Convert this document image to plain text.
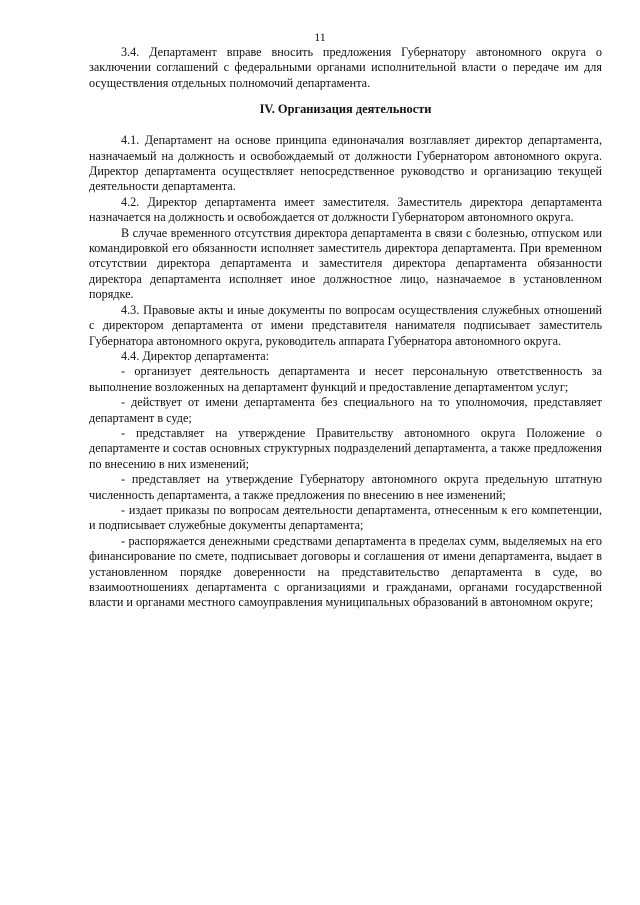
11

3.4. Департамент вправе вносить предложения Губернатору автономного округа о заключении соглашений с федеральными органами исполнительной власти о передаче им для осуществления отдельных полномочий департамента.

IV. Организация деятельности

4.1. Департамент на основе принципа единоначалия возглавляет директор департамента, назначаемый на должность и освобождаемый от должности Губернатором автономного округа. Директор департамента осуществляет непосредственное руководство и организацию текущей деятельности департамента.

4.2. Директор департамента имеет заместителя. Заместитель директора департамента назначается на должность и освобождается от должности Губернатором автономного округа.

В случае временного отсутствия директора департамента в связи с болезнью, отпуском или командировкой его обязанности исполняет заместитель директора департамента. При временном отсутствии директора департамента и заместителя директора департамента обязанности директора департамента исполняет иное должностное лицо, назначаемое в установленном порядке.

4.3. Правовые акты и иные документы по вопросам осуществления служебных отношений с директором департамента от имени представителя нанимателя подписывает заместитель Губернатора автономного округа, руководитель аппарата Губернатора автономного округа.

4.4. Директор департамента:

- организует деятельность департамента и несет персональную ответственность за выполнение возложенных на департамент функций и предоставление департаментом услуг;

- действует от имени департамента без специального на то уполномочия, представляет департамент в суде;

- представляет на утверждение Правительству автономного округа Положение о департаменте и состав основных структурных подразделений департамента, а также предложения по внесению в них изменений;

- представляет на утверждение Губернатору автономного округа предельную штатную численность департамента, а также предложения по внесению в нее изменений;

- издает приказы по вопросам деятельности департамента, отнесенным к его компетенции, и подписывает служебные документы департамента;

- распоряжается денежными средствами департамента в пределах сумм, выделяемых на его финансирование по смете, подписывает договоры и соглашения от имени департамента, выдает в установленном порядке доверенности на представительство департамента в суде, во взаимоотношениях департамента с организациями и гражданами, органами государственной власти и органами местного самоуправления муниципальных образований в автономном округе;
